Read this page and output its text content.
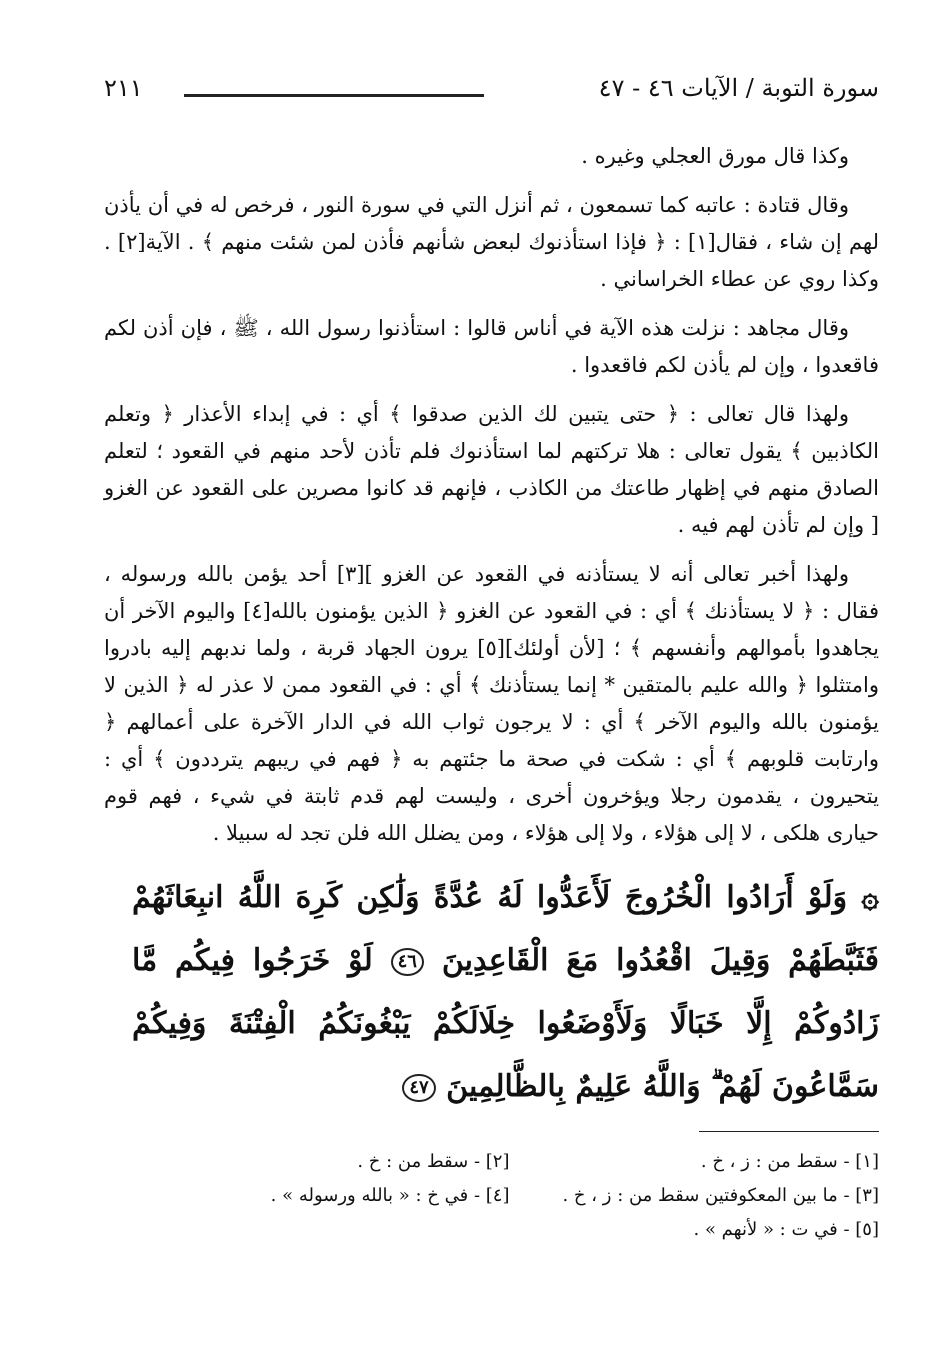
سورة التوبة / الآيات ٤٦ - ٤٧
٢١١

وكذا قال مورق العجلي وغيره .

وقال قتادة : عاتبه كما تسمعون ، ثم أنزل التي في سورة النور ، فرخص له في أن يأذن لهم إن شاء ، فقال[١] : ﴿ فإذا استأذنوك لبعض شأنهم فأذن لمن شئت منهم ﴾ . الآية[٢] . وكذا روي عن عطاء الخراساني .

وقال مجاهد : نزلت هذه الآية في أناس قالوا : استأذنوا رسول الله ، ﷺ ، فإن أذن لكم فاقعدوا ، وإن لم يأذن لكم فاقعدوا .

ولهذا قال تعالى : ﴿ حتى يتبين لك الذين صدقوا ﴾ أي : في إبداء الأعذار ﴿ وتعلم الكاذبين ﴾ يقول تعالى : هلا تركتهم لما استأذنوك فلم تأذن لأحد منهم في القعود ؛ لتعلم الصادق منهم في إظهار طاعتك من الكاذب ، فإنهم قد كانوا مصرين على القعود عن الغزو [ وإن لم تأذن لهم فيه .

ولهذا أخبر تعالى أنه لا يستأذنه في القعود عن الغزو ][٣] أحد يؤمن بالله ورسوله ، فقال : ﴿ لا يستأذنك ﴾ أي : في القعود عن الغزو ﴿ الذين يؤمنون بالله[٤] واليوم الآخر أن يجاهدوا بأموالهم وأنفسهم ﴾ ؛ [لأن أولئك][٥] يرون الجهاد قربة ، ولما ندبهم إليه بادروا وامتثلوا ﴿ والله عليم بالمتقين * إنما يستأذنك ﴾ أي : في القعود ممن لا عذر له ﴿ الذين لا يؤمنون بالله واليوم الآخر ﴾ أي : لا يرجون ثواب الله في الدار الآخرة على أعمالهم ﴿ وارتابت قلوبهم ﴾ أي : شكت في صحة ما جئتهم به ﴿ فهم في ريبهم يترددون ﴾ أي : يتحيرون ، يقدمون رجلا ويؤخرون أخرى ، وليست لهم قدم ثابتة في شيء ، فهم قوم حيارى هلكى ، لا إلى هؤلاء ، ولا إلى هؤلاء ، ومن يضلل الله فلن تجد له سبيلا .

۞ وَلَوْ أَرَادُوا الْخُرُوجَ لَأَعَدُّوا لَهُ عُدَّةً وَلَٰكِن كَرِهَ اللَّهُ انبِعَاثَهُمْ فَثَبَّطَهُمْ وَقِيلَ اقْعُدُوا مَعَ الْقَاعِدِينَ ٤٦ لَوْ خَرَجُوا فِيكُم مَّا زَادُوكُمْ إِلَّا خَبَالًا وَلَأَوْضَعُوا خِلَالَكُمْ يَبْغُونَكُمُ الْفِتْنَةَ وَفِيكُمْ سَمَّاعُونَ لَهُمْ ۗ وَاللَّهُ عَلِيمٌ بِالظَّالِمِينَ ٤٧
[١] - سقط من : ز ، خ .
[٢] - سقط من : خ .
[٣] - ما بين المعكوفتين سقط من : ز ، خ .
[٤] - في خ : « بالله ورسوله » .
[٥] - في ت : « لأنهم » .
